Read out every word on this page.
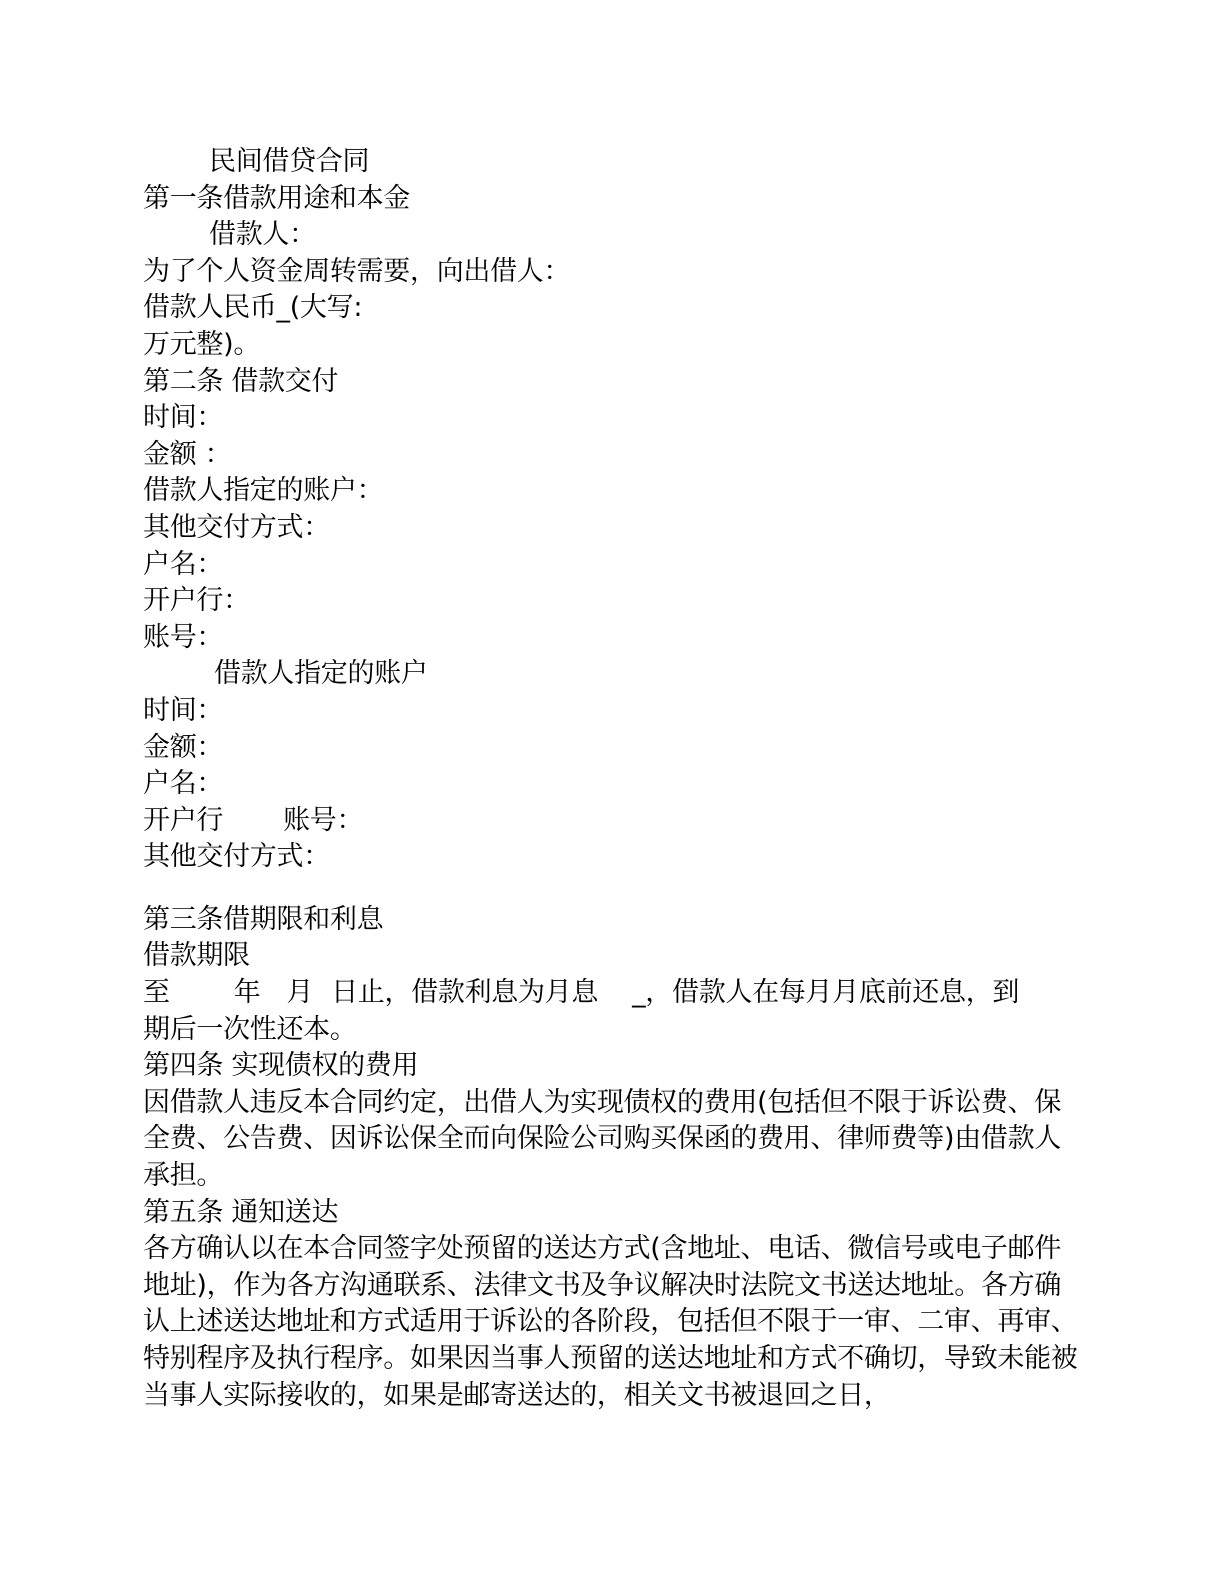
民间借贷合同
第一条借款用途和本金
借款人：
为了个人资金周转需要，向出借人：
借款人民币_(大写:
万元整)。
第二条 借款交付
时间：
金额 ：
借款人指定的账户：
其他交付方式：
户名：
开户行：
账号：
借款人指定的账户
时间：
金额：
户名：
开户行 账号：
其他交付方式：
第三条借期限和利息
借款期限
至 年 月 日止，借款利息为月息 _，借款人在每月月底前还息，到
期后一次性还本。
第四条 实现债权的费用
因借款人违反本合同约定，出借人为实现债权的费用(包括但不限于诉讼费、保全费、公告费、因诉讼保全而向保险公司购买保函的费用、律师费等)由借款人承担。
第五条 通知送达
各方确认以在本合同签字处预留的送达方式(含地址、电话、微信号或电子邮件地址)，作为各方沟通联系、法律文书及争议解决时法院文书送达地址。各方确认上述送达地址和方式适用于诉讼的各阶段，包括但不限于一审、二审、再审、特别程序及执行程序。如果因当事人预留的送达地址和方式不确切，导致未能被当事人实际接收的，如果是邮寄送达的，相关文书被退回之日，
